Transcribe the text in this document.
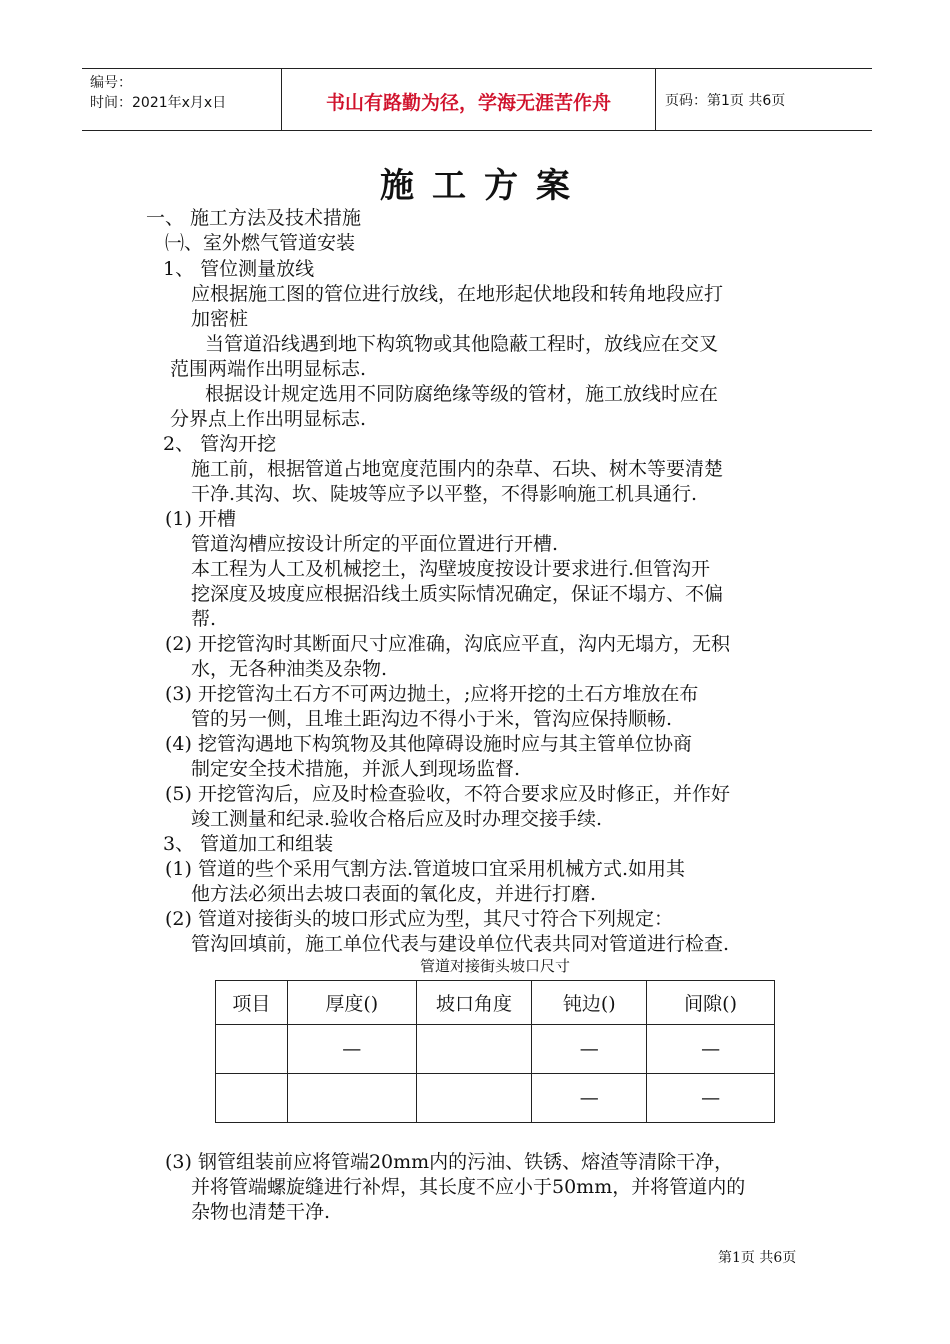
编号：
时间：2021年x月x日	书山有路勤为径，学海无涯苦作舟	页码：第1页 共6页
施工方案
一、 施工方法及技术措施
㈠、室外燃气管道安装
1、 管位测量放线
应根据施工图的管位进行放线，在地形起伏地段和转角地段应打
加密桩
当管道沿线遇到地下构筑物或其他隐蔽工程时，放线应在交叉
范围两端作出明显标志.
根据设计规定选用不同防腐绝缘等级的管材，施工放线时应在
分界点上作出明显标志.
2、 管沟开挖
施工前，根据管道占地宽度范围内的杂草、石块、树木等要清楚
干净.其沟、坎、陡坡等应予以平整，不得影响施工机具通行.
(1) 开槽
管道沟槽应按设计所定的平面位置进行开槽.
本工程为人工及机械挖土，沟壁坡度按设计要求进行.但管沟开
挖深度及坡度应根据沿线土质实际情况确定，保证不塌方、不偏
帮.
(2) 开挖管沟时其断面尺寸应准确，沟底应平直，沟内无塌方，无积
水，无各种油类及杂物.
(3) 开挖管沟土石方不可两边抛土，;应将开挖的土石方堆放在布
管的另一侧，且堆土距沟边不得小于米，管沟应保持顺畅.
(4) 挖管沟遇地下构筑物及其他障碍设施时应与其主管单位协商
制定安全技术措施，并派人到现场监督.
(5) 开挖管沟后，应及时检查验收，不符合要求应及时修正，并作好
竣工测量和纪录.验收合格后应及时办理交接手续.
3、 管道加工和组装
(1) 管道的些个采用气割方法.管道坡口宜采用机械方式.如用其
他方法必须出去坡口表面的氧化皮，并进行打磨.
(2) 管道对接街头的坡口形式应为型，其尺寸符合下列规定：
管沟回填前，施工单位代表与建设单位代表共同对管道进行检查.
管道对接街头坡口尺寸
项目	厚度()	坡口角度	钝边()	间隙()
	—		—	—
			—	—
(3) 钢管组装前应将管端20mm内的污油、铁锈、熔渣等清除干净，
并将管端螺旋缝进行补焊，其长度不应小于50mm，并将管道内的
杂物也清楚干净.
第1页 共6页
